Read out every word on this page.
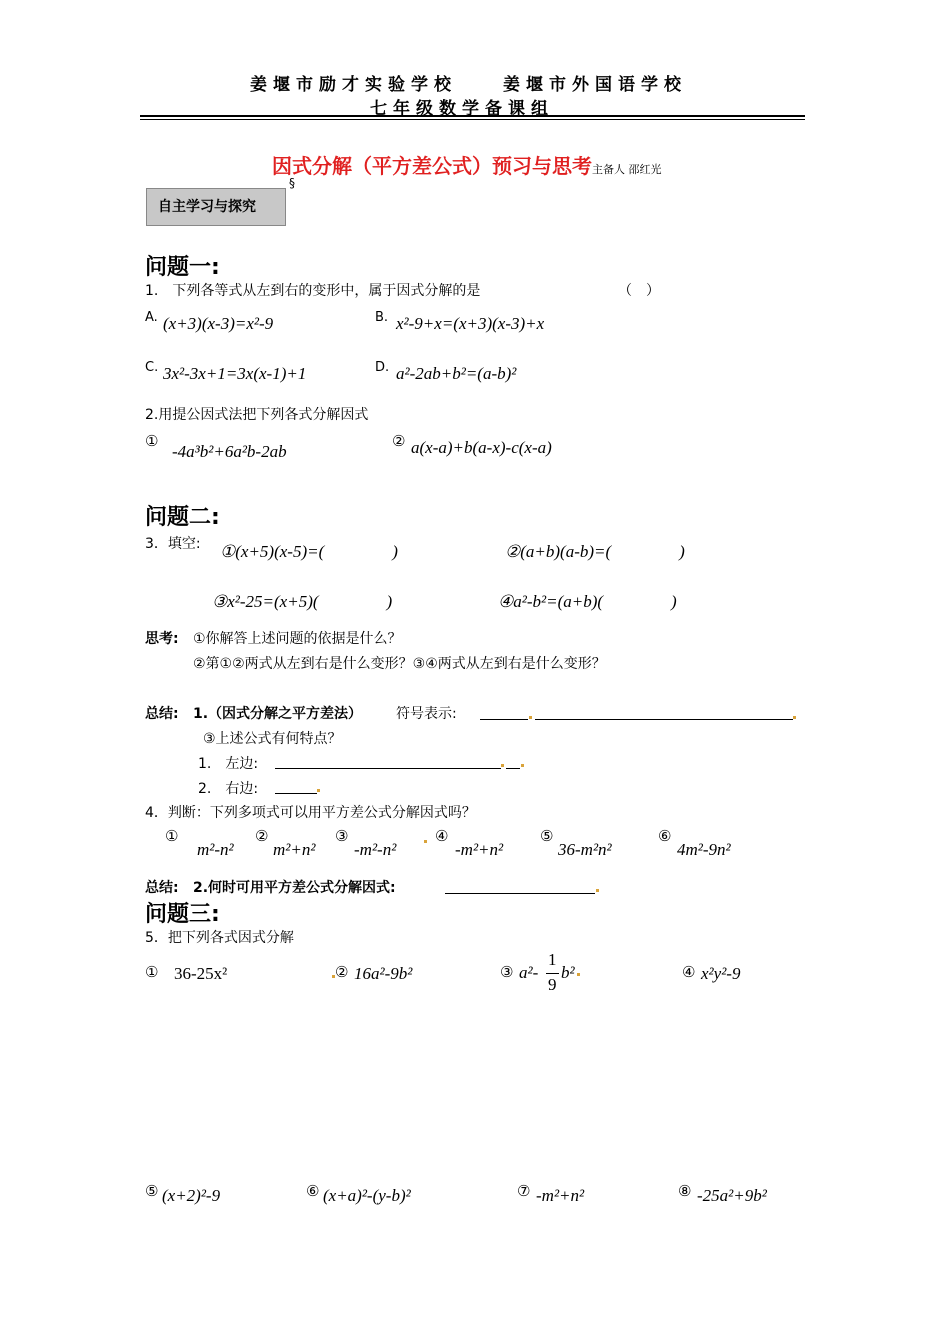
姜堰市励才实验学校　　姜堰市外国语学校
七年级数学备课组
因式分解（平方差公式）预习与思考主备人 邵红光
§
自主学习与探究
问题一:
1.　下列各等式从左到右的变形中，属于因式分解的是	（　）
A. (x+3)(x-3)=x²-9	B. x²-9+x=(x+3)(x-3)+x
C. 3x²-3x+1=3x(x-1)+1	D. a²-2ab+b²=(a-b)²
2.用提公因式法把下列各式分解因式
①
-4a³b²+6a²b-2ab
② a(x-a)+b(a-x)-c(x-a)
问题二:
3．填空: ①(x+5)(x-5)=(　　　　)	②(a+b)(a-b)=(　　　　)
③x²-25=(x+5)(　　　　)	④a²-b²=(a+b)(　　　　)
思考: ①你解答上述问题的依据是什么？
②第①②两式从左到右是什么变形？③④两式从左到右是什么变形？
总结: 1.（因式分解之平方差法） 符号表示:
③上述公式有何特点？
1.　左边:
2.　右边:
4．判断：下列多项式可以用平方差公式分解因式吗？
①
m²-n²
②
m²+n²
③
-m²-n²
④
-m²+n²
⑤
36-m²n²
⑥
4m²-9n²
总结: 2.何时可用平方差公式分解因式:
问题三:
5．把下列各式因式分解
① 36-25x²	② 16a²-9b²	③ a²-
1
9
b²	④ x²y²-9
⑤ (x+2)²-9	⑥ (x+a)²-(y-b)²	⑦ -m²+n²	⑧ -25a²+9b²
